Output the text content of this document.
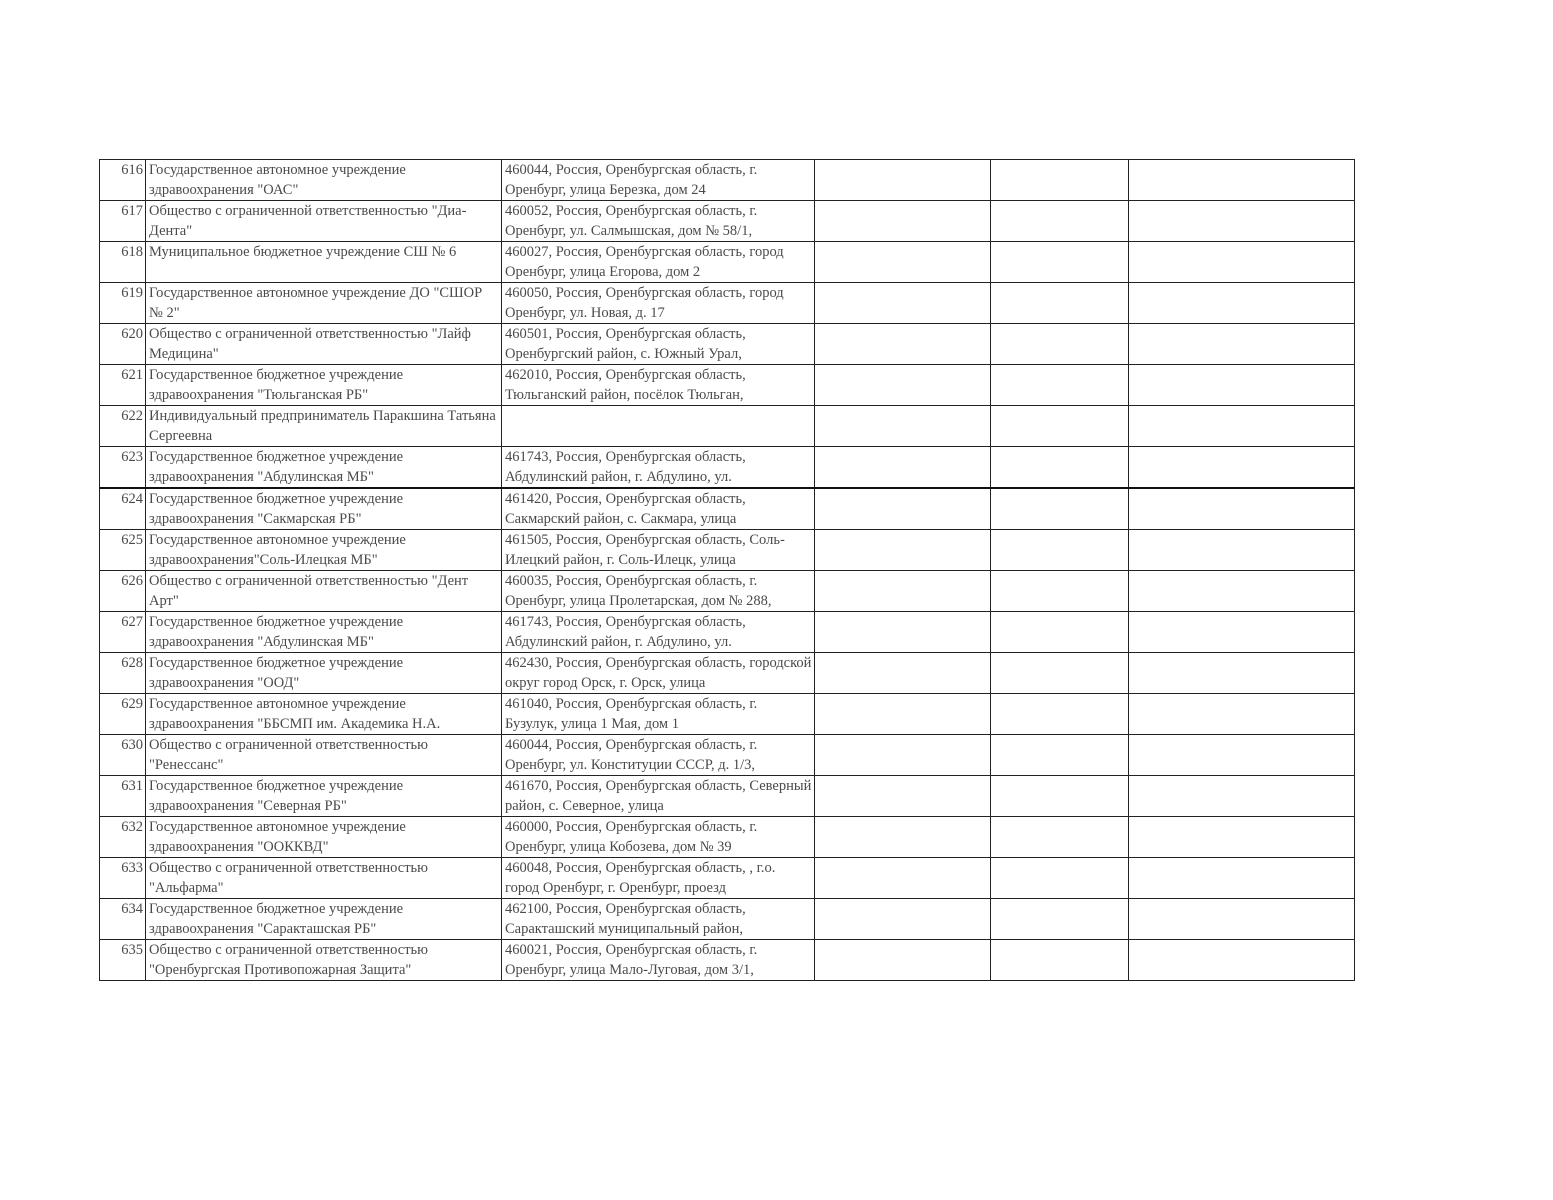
616	Государственное автономное учреждение здравоохранения "ОАС"	460044, Россия, Оренбургская область, г. Оренбург, улица Березка, дом 24			

617	Общество с ограниченной ответственностью "Диа-Дента"	460052, Россия, Оренбургская область, г. Оренбург, ул. Салмышская, дом № 58/1,			

618	Муниципальное бюджетное учреждение СШ № 6	460027, Россия, Оренбургская область, город Оренбург, улица Егорова, дом 2			

619	Государственное автономное учреждение ДО "СШОР № 2"	460050, Россия, Оренбургская область, город Оренбург, ул. Новая, д. 17			

620	Общество с ограниченной ответственностью "Лайф Медицина"	460501, Россия, Оренбургская область, Оренбургский район, с. Южный Урал,			

621	Государственное бюджетное учреждение здравоохранения "Тюльганская РБ"	462010, Россия, Оренбургская область, Тюльганский район, посёлок Тюльган,			

622	Индивидуальный предприниматель Паракшина Татьяна Сергеевна				

623	Государственное бюджетное учреждение здравоохранения "Абдулинская МБ"	461743, Россия, Оренбургская область, Абдулинский район, г. Абдулино, ул.			

624	Государственное бюджетное учреждение здравоохранения "Сакмарская РБ"	461420, Россия, Оренбургская область, Сакмарский район, с. Сакмара, улица			

625	Государственное автономное учреждение здравоохранения"Соль-Илецкая МБ"	461505, Россия, Оренбургская область, Соль-Илецкий район, г. Соль-Илецк, улица			

626	Общество с ограниченной ответственностью "Дент Арт"	460035, Россия, Оренбургская область, г. Оренбург, улица Пролетарская, дом № 288,			

627	Государственное бюджетное учреждение здравоохранения "Абдулинская МБ"	461743, Россия, Оренбургская область, Абдулинский район, г. Абдулино, ул.			

628	Государственное бюджетное учреждение здравоохранения "ООД"	462430, Россия, Оренбургская область, городской округ город Орск, г. Орск, улица			

629	Государственное автономное учреждение здравоохранения "ББСМП им. Академика Н.А.	461040, Россия, Оренбургская область, г. Бузулук, улица 1 Мая, дом 1			

630	Общество с ограниченной ответственностью "Ренессанс"	460044, Россия, Оренбургская область, г. Оренбург, ул. Конституции СССР, д. 1/3,			

631	Государственное бюджетное учреждение здравоохранения "Северная РБ"	461670, Россия, Оренбургская область, Северный район, с. Северное, улица			

632	Государственное автономное учреждение здравоохранения "ООККВД"	460000, Россия, Оренбургская область, г. Оренбург, улица Кобозева, дом № 39			

633	Общество с ограниченной ответственностью "Альфарма"	460048, Россия, Оренбургская область, , г.о. город Оренбург, г. Оренбург, проезд			

634	Государственное бюджетное учреждение здравоохранения "Саракташская РБ"	462100, Россия, Оренбургская область, Саракташский муниципальный район,			

635	Общество с ограниченной ответственностью "Оренбургская Противопожарная Защита"	460021, Россия, Оренбургская область, г. Оренбург, улица Мало-Луговая, дом 3/1,			
